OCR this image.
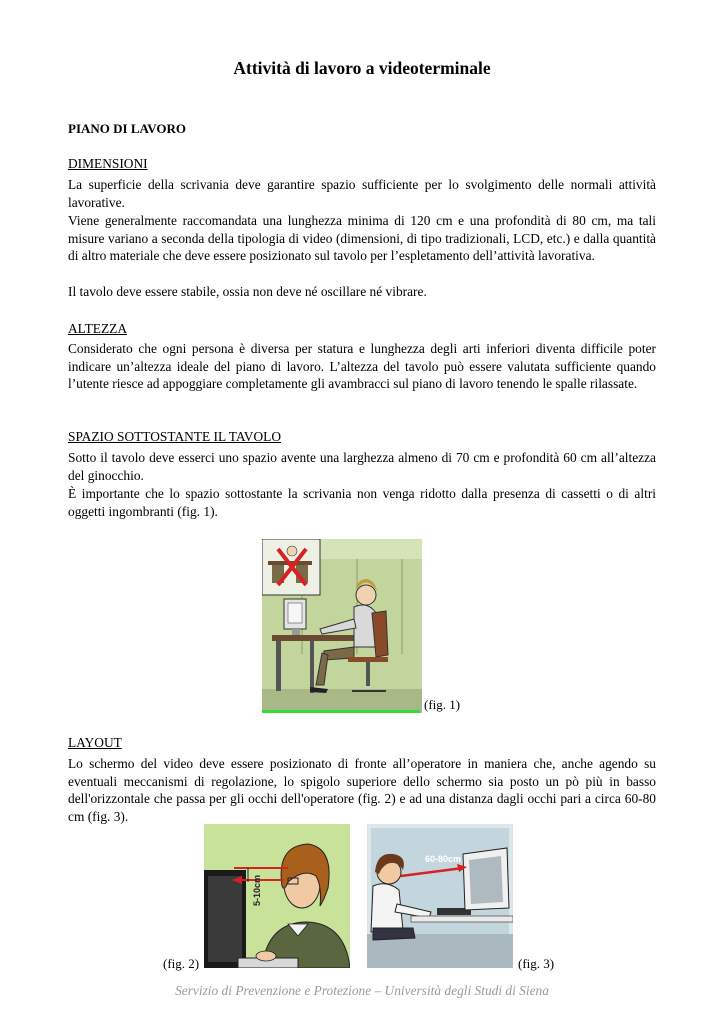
Attività di lavoro a videoterminale
PIANO DI LAVORO
DIMENSIONI

La superficie della scrivania deve garantire spazio sufficiente per lo svolgimento delle normali attività lavorative.

Viene generalmente raccomandata una lunghezza minima di 120 cm e una profondità di 80 cm, ma tali misure variano a seconda della tipologia di video (dimensioni, di tipo tradizionali, LCD, etc.) e dalla quantità di altro materiale che deve essere posizionato sul tavolo per l’espletamento dell’attività lavorativa.

Il tavolo deve essere stabile, ossia non deve né oscillare né vibrare.

ALTEZZA

Considerato che ogni persona è diversa per statura e lunghezza degli arti inferiori diventa difficile poter indicare un’altezza ideale del piano di lavoro. L’altezza del tavolo può essere valutata sufficiente quando l’utente riesce ad appoggiare completamente gli avambracci sul piano di lavoro tenendo le spalle rilassate.

SPAZIO SOTTOSTANTE IL TAVOLO

Sotto il tavolo deve esserci uno spazio avente una larghezza almeno di 70 cm e profondità 60 cm all’altezza del ginocchio.

È importante che lo spazio sottostante la scrivania non venga ridotto dalla presenza di cassetti o di altri oggetti ingombranti (fig. 1).

(fig. 1)
LAYOUT

Lo schermo del video deve essere posizionato di fronte all’operatore in maniera che, anche agendo su eventuali meccanismi di regolazione, lo spigolo superiore dello schermo sia posto un pò più in basso dell'orizzontale che passa per gli occhi dell'operatore (fig. 2) e ad una distanza dagli occhi pari a circa 60-80 cm (fig. 3).

5-10cm
(fig. 2)
60-80cm
(fig. 3)
Servizio di Prevenzione e Protezione – Università degli Studi di Siena
